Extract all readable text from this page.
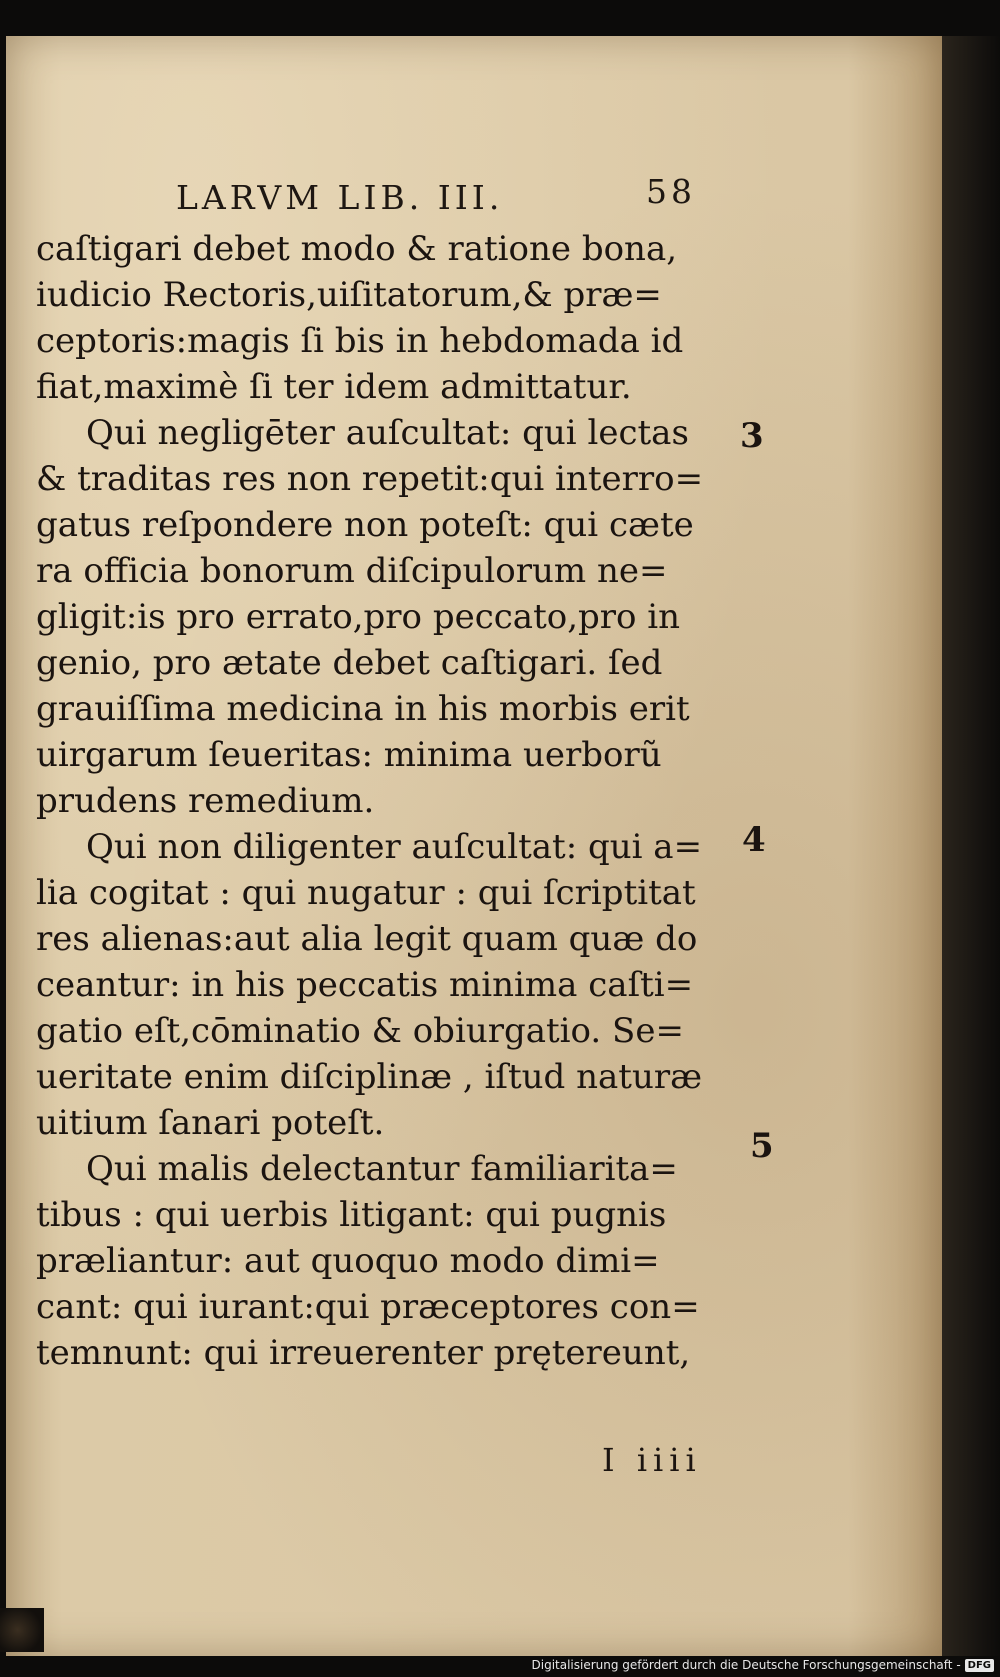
LARVM LIB. III.	58
caſtigari debet modo & ratione bona,
iudicio Rectoris,uiſitatorum,& præ=
ceptoris:magis ſi bis in hebdomada id
fiat,maximè ſi ter idem admittatur.
Qui negligēter auſcultat: qui lectas
& traditas res non repetit:qui interro=
gatus reſpondere non poteſt: qui cæte
ra officia bonorum diſcipulorum ne=
gligit:is pro errato,pro peccato,pro in
genio, pro ætate debet caſtigari. ſed
grauiſſima medicina in his morbis erit
uirgarum ſeueritas: minima uerborũ
prudens remedium.
Qui non diligenter auſcultat: qui a=
lia cogitat : qui nugatur : qui ſcriptitat
res alienas:aut alia legit quam quæ do
ceantur: in his peccatis minima caſti=
gatio eſt,cōminatio & obiurgatio. Se=
ueritate enim diſciplinæ , iſtud naturæ
uitium ſanari poteſt.
Qui malis delectantur familiarita=
tibus : qui uerbis litigant: qui pugnis
præliantur: aut quoquo modo dimi=
cant: qui iurant:qui præceptores con=
temnunt: qui irreuerenter prętereunt,
3
4
5
I iiii
Digitalisierung gefördert durch die Deutsche Forschungsgemeinschaft - DFG
